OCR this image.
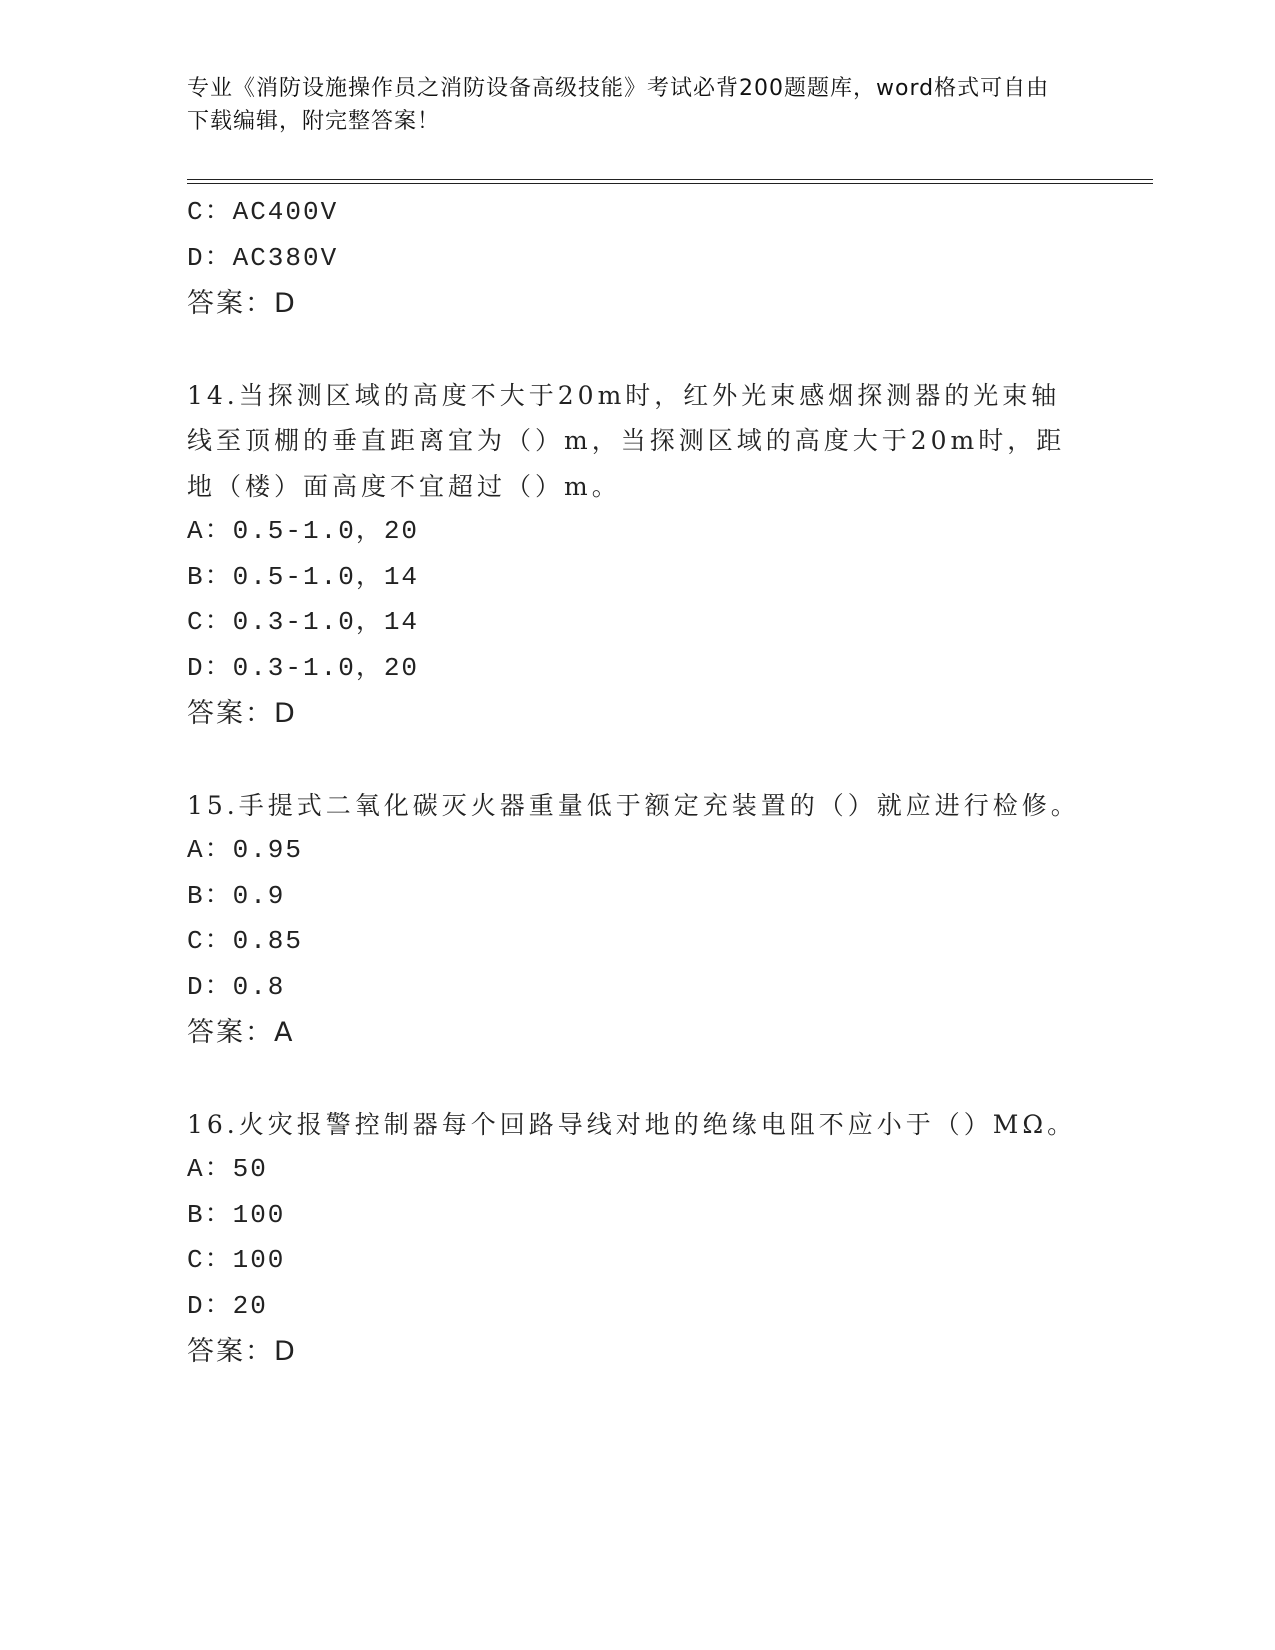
专业《消防设施操作员之消防设备高级技能》考试必背200题题库，word格式可自由下载编辑，附完整答案！

C：AC400V

D：AC380V

答案：D

14.当探测区域的高度不大于20m时，红外光束感烟探测器的光束轴线至顶棚的垂直距离宜为（）m，当探测区域的高度大于20m时，距地（楼）面高度不宜超过（）m。

A：0.5-1.0，20

B：0.5-1.0，14

C：0.3-1.0，14

D：0.3-1.0，20

答案：D

15.手提式二氧化碳灭火器重量低于额定充装置的（）就应进行检修。

A：0.95

B：0.9

C：0.85

D：0.8

答案：A

16.火灾报警控制器每个回路导线对地的绝缘电阻不应小于（）MΩ。

A：50

B：100

C：100

D：20

答案：D
